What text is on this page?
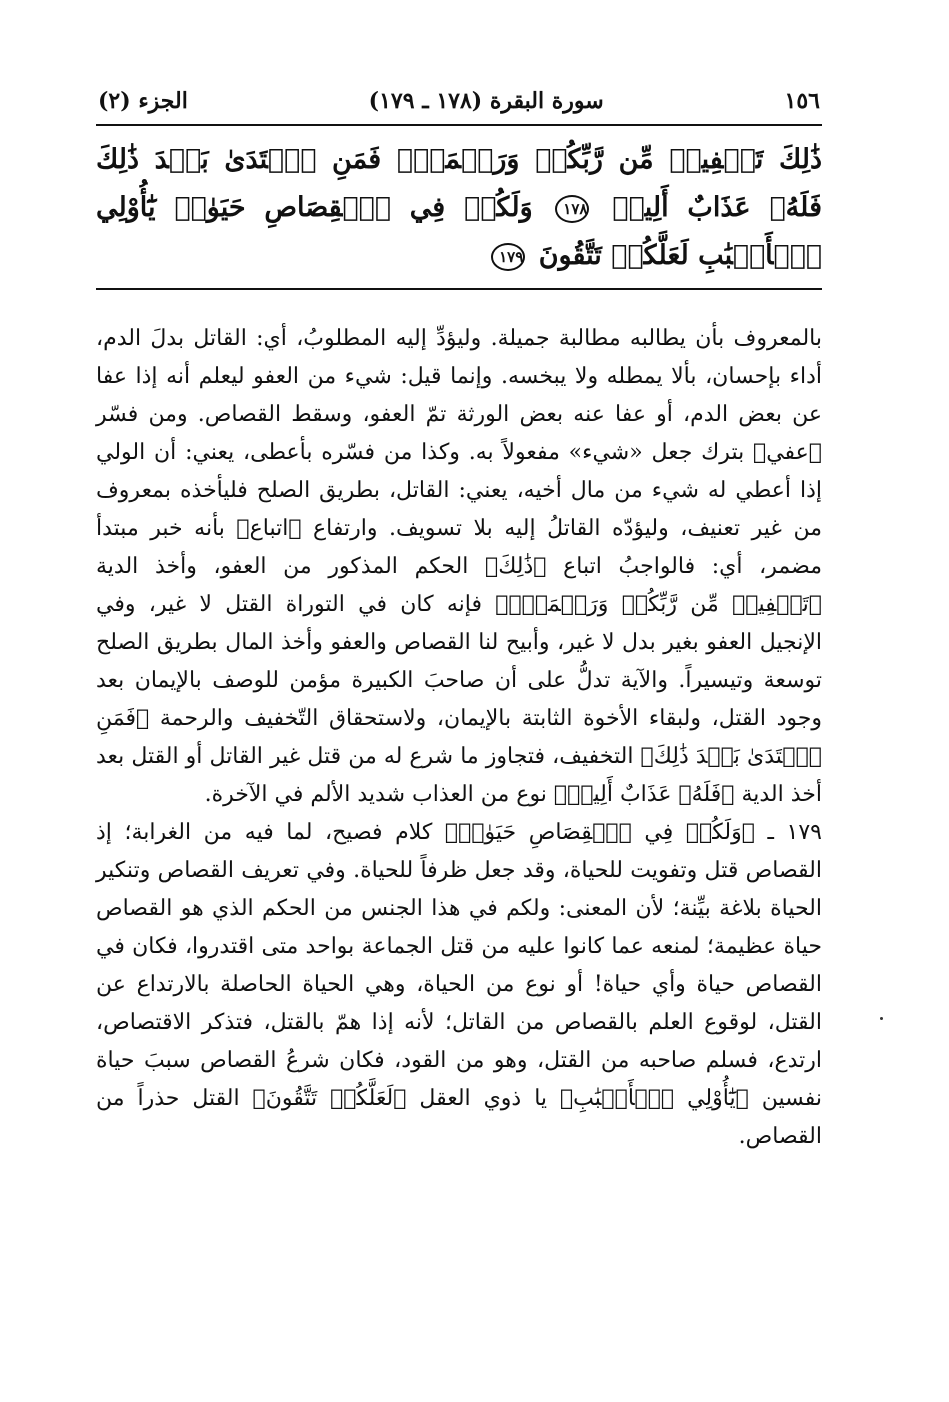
١٥٦
سورة البقرة (١٧٨ ـ ١٧٩)
الجزء (٢)
ذَٰلِكَ تَخۡفِيفٞ مِّن رَّبِّكُمۡ وَرَحۡمَةٞۗ فَمَنِ ٱعۡتَدَىٰ بَعۡدَ ذَٰلِكَ فَلَهُۥ عَذَابٌ أَلِيمٞ ١٧٨ وَلَكُمۡ فِي ٱلۡقِصَاصِ حَيَوٰةٞ يَٰٓأُوْلِي ٱلۡأَلۡبَٰبِ لَعَلَّكُمۡ تَتَّقُونَ ١٧٩

بالمعروف بأن يطالبه مطالبة جميلة. وليؤدِّ إليه المطلوبُ، أي: القاتل بدلَ الدم، أداء بإحسان، بألا يمطله ولا يبخسه. وإنما قيل: شيء من العفو ليعلم أنه إذا عفا عن بعض الدم، أو عفا عنه بعض الورثة تمّ العفو، وسقط القصاص. ومن فسّر ﴿عفي﴾ بترك جعل «شيء» مفعولاً به. وكذا من فسّره بأعطى، يعني: أن الولي إذا أعطي له شيء من مال أخيه، يعني: القاتل، بطريق الصلح فليأخذه بمعروف من غير تعنيف، وليؤدّه القاتلُ إليه بلا تسويف. وارتفاع ﴿اتباع﴾ بأنه خبر مبتدأ مضمر، أي: فالواجبُ اتباع ﴿ذَٰلِكَ﴾ الحكم المذكور من العفو، وأخذ الدية ﴿تَخۡفِيفٞ مِّن رَّبِّكُمۡ وَرَحۡمَةٞۗ﴾ فإنه كان في التوراة القتل لا غير، وفي الإنجيل العفو بغير بدل لا غير، وأبيح لنا القصاص والعفو وأخذ المال بطريق الصلح توسعة وتيسيراً. والآية تدلُّ على أن صاحبَ الكبيرة مؤمن للوصف بالإيمان بعد وجود القتل، ولبقاء الأخوة الثابتة بالإيمان، ولاستحقاق التّخفيف والرحمة ﴿فَمَنِ ٱعۡتَدَىٰ بَعۡدَ ذَٰلِكَ﴾ التخفيف، فتجاوز ما شرع له من قتل غير القاتل أو القتل بعد أخذ الدية ﴿فَلَهُۥ عَذَابٌ أَلِيمٞ﴾ نوع من العذاب شديد الألم في الآخرة.

١٧٩ ـ ﴿وَلَكُمۡ فِي ٱلۡقِصَاصِ حَيَوٰةٞ﴾ كلام فصيح، لما فيه من الغرابة؛ إذ القصاص قتل وتفويت للحياة، وقد جعل ظرفاً للحياة. وفي تعريف القصاص وتنكير الحياة بلاغة بيِّنة؛ لأن المعنى: ولكم في هذا الجنس من الحكم الذي هو القصاص حياة عظيمة؛ لمنعه عما كانوا عليه من قتل الجماعة بواحد متى اقتدروا، فكان في القصاص حياة وأي حياة! أو نوع من الحياة، وهي الحياة الحاصلة بالارتداع عن القتل، لوقوع العلم بالقصاص من القاتل؛ لأنه إذا همّ بالقتل، فتذكر الاقتصاص، ارتدع، فسلم صاحبه من القتل، وهو من القود، فكان شرعُ القصاص سببَ حياة نفسين ﴿يَٰٓأُوْلِي ٱلۡأَلۡبَٰبِ﴾ يا ذوي العقل ﴿لَعَلَّكُمۡ تَتَّقُونَ﴾ القتل حذراً من القصاص.
